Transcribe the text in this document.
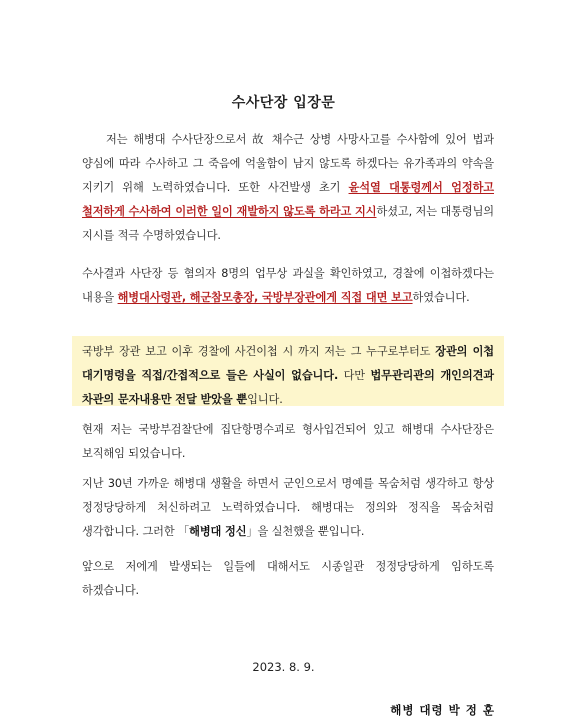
수사단장 입장문

저는 해병대 수사단장으로서 故 채수근 상병 사망사고를 수사함에 있어 법과 양심에 따라 수사하고 그 죽음에 억울함이 남지 않도록 하겠다는 유가족과의 약속을 지키기 위해 노력하였습니다. 또한 사건발생 초기 윤석열 대통령께서 엄정하고 철저하게 수사하여 이러한 일이 재발하지 않도록 하라고 지시하셨고, 저는 대통령님의 지시를 적극 수명하였습니다.

수사결과 사단장 등 혐의자 8명의 업무상 과실을 확인하였고, 경찰에 이첩하겠다는 내용을 해병대사령관, 해군참모총장, 국방부장관에게 직접 대면 보고하였습니다.

국방부 장관 보고 이후 경찰에 사건이첩 시 까지 저는 그 누구로부터도 장관의 이첩 대기명령을 직접/간접적으로 들은 사실이 없습니다. 다만 법무관리관의 개인의견과 차관의 문자내용만 전달 받았을 뿐입니다.

현재 저는 국방부검찰단에 집단항명수괴로 형사입건되어 있고 해병대 수사단장은 보직해임 되었습니다.

지난 30년 가까운 해병대 생활을 하면서 군인으로서 명예를 목숨처럼 생각하고 항상 정정당당하게 처신하려고 노력하였습니다. 해병대는 정의와 정직을 목숨처럼 생각합니다. 그러한 「해병대 정신」을 실천했을 뿐입니다.

앞으로 저에게 발생되는 일들에 대해서도 시종일관 정정당당하게 임하도록 하겠습니다.

2023. 8. 9.
해병 대령 박 정 훈
